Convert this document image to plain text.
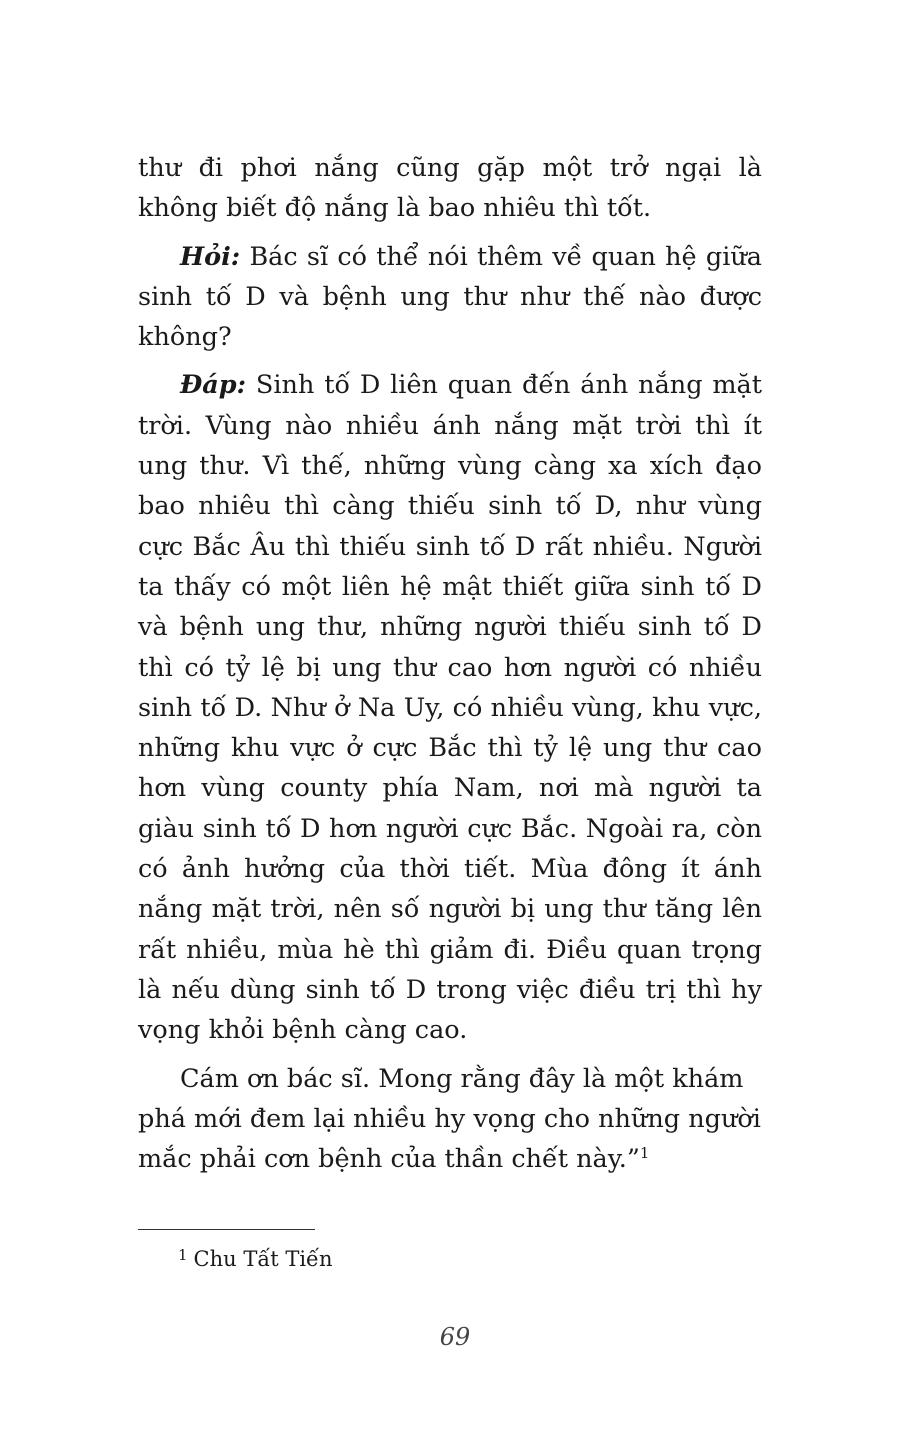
thư đi phơi nắng cũng gặp một trở ngại là không biết độ nắng là bao nhiêu thì tốt.

Hỏi: Bác sĩ có thể nói thêm về quan hệ giữa sinh tố D và bệnh ung thư như thế nào được không?

Đáp: Sinh tố D liên quan đến ánh nắng mặt trời. Vùng nào nhiều ánh nắng mặt trời thì ít ung thư. Vì thế, những vùng càng xa xích đạo bao nhiêu thì càng thiếu sinh tố D, như vùng cực Bắc Âu thì thiếu sinh tố D rất nhiều. Người ta thấy có một liên hệ mật thiết giữa sinh tố D và bệnh ung thư, những người thiếu sinh tố D thì có tỷ lệ bị ung thư cao hơn người có nhiều sinh tố D. Như ở Na Uy, có nhiều vùng, khu vực, những khu vực ở cực Bắc thì tỷ lệ ung thư cao hơn vùng county phía Nam, nơi mà người ta giàu sinh tố D hơn người cực Bắc. Ngoài ra, còn có ảnh hưởng của thời tiết. Mùa đông ít ánh nắng mặt trời, nên số người bị ung thư tăng lên rất nhiều, mùa hè thì giảm đi. Điều quan trọng là nếu dùng sinh tố D trong việc điều trị thì hy vọng khỏi bệnh càng cao.

Cám ơn bác sĩ. Mong rằng đây là một khám phá mới đem lại nhiều hy vọng cho những người mắc phải cơn bệnh của thần chết này.”$^1$

$^1$ Chu Tất Tiến
69
